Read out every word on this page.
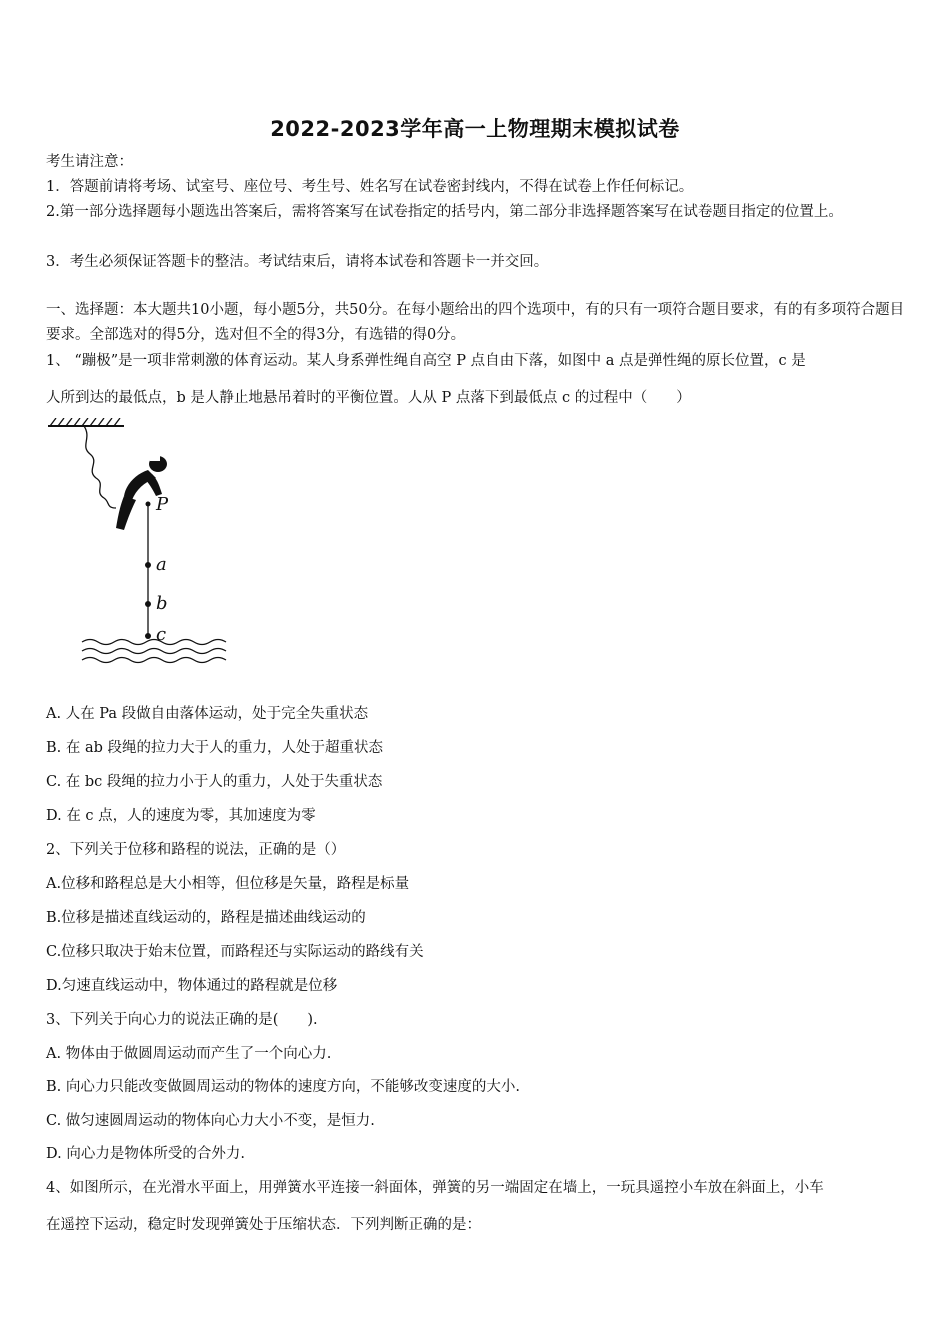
2022-2023学年高一上物理期末模拟试卷
考生请注意：
1．答题前请将考场、试室号、座位号、考生号、姓名写在试卷密封线内，不得在试卷上作任何标记。
2.第一部分选择题每小题选出答案后，需将答案写在试卷指定的括号内，第二部分非选择题答案写在试卷题目指定的位置上。
3．考生必须保证答题卡的整洁。考试结束后，请将本试卷和答题卡一并交回。
一、选择题：本大题共10小题，每小题5分，共50分。在每小题给出的四个选项中，有的只有一项符合题目要求，有的有多项符合题目要求。全部选对的得5分，选对但不全的得3分，有选错的得0分。
1、 “蹦极”是一项非常刺激的体育运动。某人身系弹性绳自高空 P 点自由下落，如图中 a 点是弹性绳的原长位置，c 是
人所到达的最低点，b 是人静止地悬吊着时的平衡位置。人从 P 点落下到最低点 c 的过程中（　　）
P
a
b
c
A. 人在 Pa 段做自由落体运动，处于完全失重状态
B. 在 ab 段绳的拉力大于人的重力，人处于超重状态
C. 在 bc 段绳的拉力小于人的重力，人处于失重状态
D. 在 c 点，人的速度为零，其加速度为零
2、下列关于位移和路程的说法，正确的是（）
A.位移和路程总是大小相等，但位移是矢量，路程是标量
B.位移是描述直线运动的，路程是描述曲线运动的
C.位移只取决于始末位置，而路程还与实际运动的路线有关
D.匀速直线运动中，物体通过的路程就是位移
3、下列关于向心力的说法正确的是(　　).
A. 物体由于做圆周运动而产生了一个向心力.
B. 向心力只能改变做圆周运动的物体的速度方向，不能够改变速度的大小.
C. 做匀速圆周运动的物体向心力大小不变，是恒力.
D. 向心力是物体所受的合外力.
4、如图所示，在光滑水平面上，用弹簧水平连接一斜面体，弹簧的另一端固定在墙上，一玩具遥控小车放在斜面上，小车
在遥控下运动，稳定时发现弹簧处于压缩状态．下列判断正确的是：
